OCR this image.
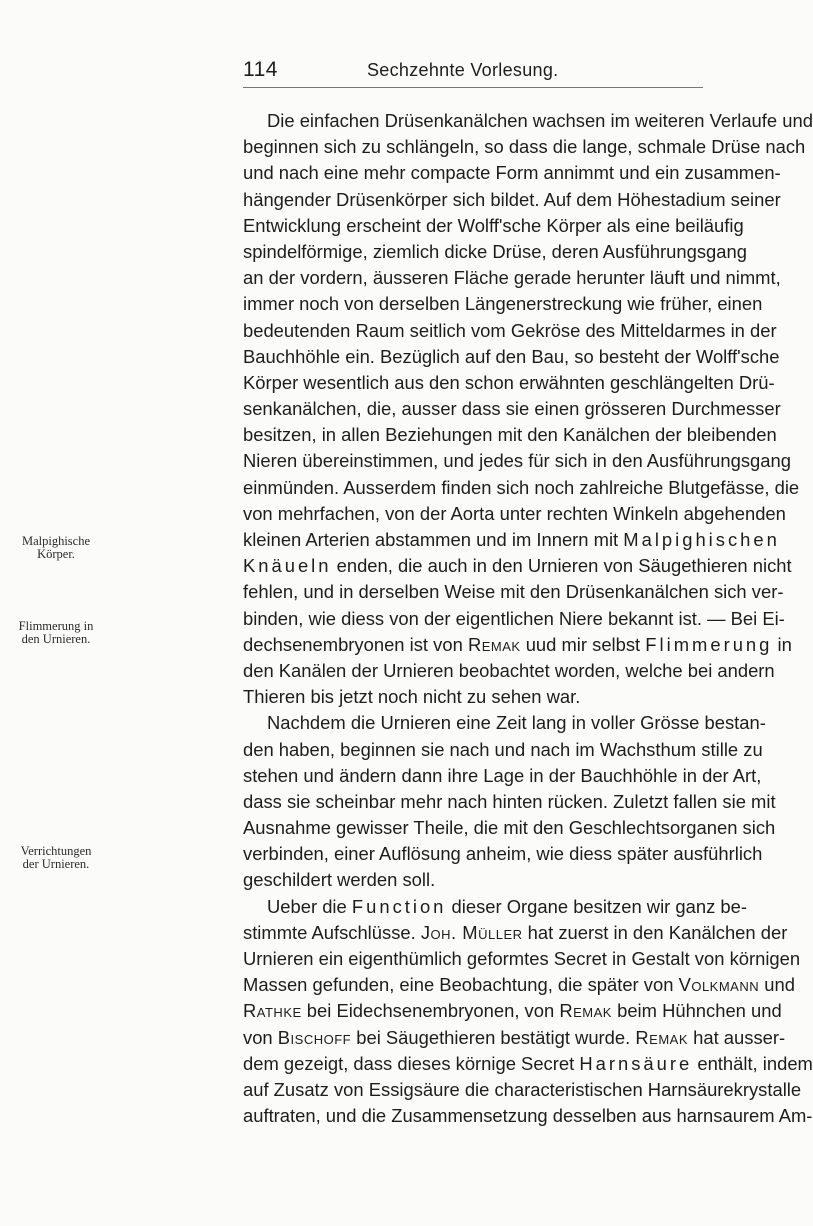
114	Sechzehnte Vorlesung.
Malpighische
Körper.
Flimmerung in
den Urnieren.
Verrichtungen
der Urnieren.
Die einfachen Drüsenkanälchen wachsen im weiteren Verlaufe und
beginnen sich zu schlängeln, so dass die lange, schmale Drüse nach
und nach eine mehr compacte Form annimmt und ein zusammen-
hängender Drüsenkörper sich bildet. Auf dem Höhestadium seiner
Entwicklung erscheint der Wolff'sche Körper als eine beiläufig
spindelförmige, ziemlich dicke Drüse, deren Ausführungsgang
an der vordern, äusseren Fläche gerade herunter läuft und nimmt,
immer noch von derselben Längenerstreckung wie früher, einen
bedeutenden Raum seitlich vom Gekröse des Mitteldarmes in der
Bauchhöhle ein. Bezüglich auf den Bau, so besteht der Wolff'sche
Körper wesentlich aus den schon erwähnten geschlängelten Drü-
senkanälchen, die, ausser dass sie einen grösseren Durchmesser
besitzen, in allen Beziehungen mit den Kanälchen der bleibenden
Nieren übereinstimmen, und jedes für sich in den Ausführungsgang
einmünden. Ausserdem finden sich noch zahlreiche Blutgefässe, die
von mehrfachen, von der Aorta unter rechten Winkeln abgehenden
kleinen Arterien abstammen und im Innern mit Malpighischen
Knäueln enden, die auch in den Urnieren von Säugethieren nicht
fehlen, und in derselben Weise mit den Drüsenkanälchen sich ver-
binden, wie diess von der eigentlichen Niere bekannt ist. — Bei Ei-
dechsenembryonen ist von Remak uud mir selbst Flimmerung in
den Kanälen der Urnieren beobachtet worden, welche bei andern
Thieren bis jetzt noch nicht zu sehen war.
Nachdem die Urnieren eine Zeit lang in voller Grösse bestan-
den haben, beginnen sie nach und nach im Wachsthum stille zu
stehen und ändern dann ihre Lage in der Bauchhöhle in der Art,
dass sie scheinbar mehr nach hinten rücken. Zuletzt fallen sie mit
Ausnahme gewisser Theile, die mit den Geschlechtsorganen sich
verbinden, einer Auflösung anheim, wie diess später ausführlich
geschildert werden soll.
Ueber die Function dieser Organe besitzen wir ganz be-
stimmte Aufschlüsse. Joh. Müller hat zuerst in den Kanälchen der
Urnieren ein eigenthümlich geformtes Secret in Gestalt von körnigen
Massen gefunden, eine Beobachtung, die später von Volkmann und
Rathke bei Eidechsenembryonen, von Remak beim Hühnchen und
von Bischoff bei Säugethieren bestätigt wurde. Remak hat ausser-
dem gezeigt, dass dieses körnige Secret Harnsäure enthält, indem
auf Zusatz von Essigsäure die characteristischen Harnsäurekrystalle
auftraten, und die Zusammensetzung desselben aus harnsaurem Am-
